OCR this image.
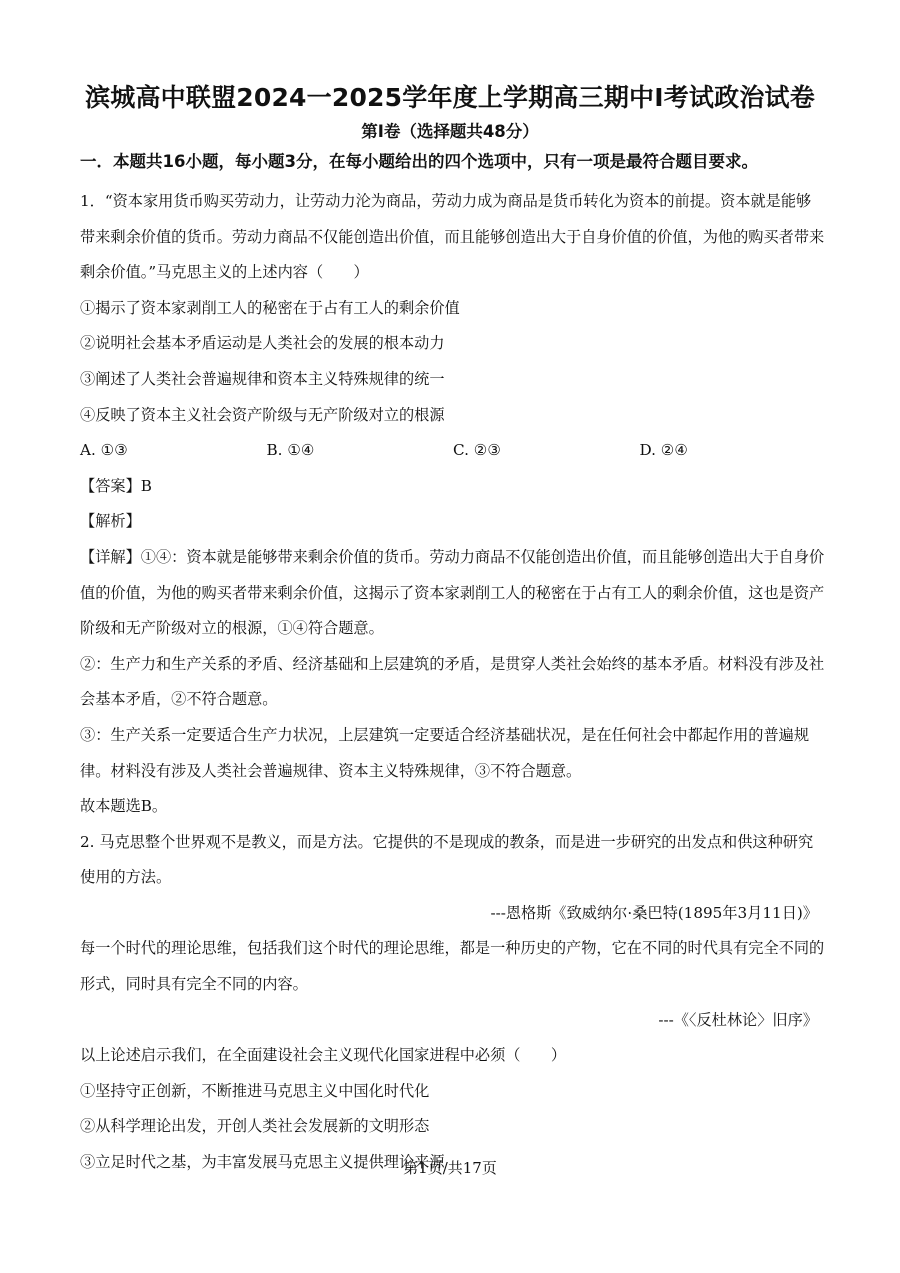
滨城高中联盟2024一2025学年度上学期高三期中Ⅰ考试政治试卷
第Ⅰ卷（选择题共48分）
一．本题共16小题，每小题3分，在每小题给出的四个选项中，只有一项是最符合题目要求。
1．“资本家用货币购买劳动力，让劳动力沦为商品，劳动力成为商品是货币转化为资本的前提。资本就是能够带来剩余价值的货币。劳动力商品不仅能创造出价值，而且能够创造出大于自身价值的价值，为他的购买者带来剩余价值。”马克思主义的上述内容（　　）
①揭示了资本家剥削工人的秘密在于占有工人的剩余价值
②说明社会基本矛盾运动是人类社会的发展的根本动力
③阐述了人类社会普遍规律和资本主义特殊规律的统一
④反映了资本主义社会资产阶级与无产阶级对立的根源
A. ①③	B. ①④	C. ②③	D. ②④
【答案】B
【解析】
【详解】①④：资本就是能够带来剩余价值的货币。劳动力商品不仅能创造出价值，而且能够创造出大于自身价值的价值，为他的购买者带来剩余价值，这揭示了资本家剥削工人的秘密在于占有工人的剩余价值，这也是资产阶级和无产阶级对立的根源，①④符合题意。
②：生产力和生产关系的矛盾、经济基础和上层建筑的矛盾，是贯穿人类社会始终的基本矛盾。材料没有涉及社会基本矛盾，②不符合题意。
③：生产关系一定要适合生产力状况，上层建筑一定要适合经济基础状况，是在任何社会中都起作用的普遍规律。材料没有涉及人类社会普遍规律、资本主义特殊规律，③不符合题意。
故本题选B。
2. 马克思整个世界观不是教义，而是方法。它提供的不是现成的教条，而是进一步研究的出发点和供这种研究使用的方法。
---恩格斯《致威纳尔·桑巴特(1895年3月11日)》
每一个时代的理论思维，包括我们这个时代的理论思维，都是一种历史的产物，它在不同的时代具有完全不同的形式，同时具有完全不同的内容。
---《〈反杜林论〉旧序》
以上论述启示我们，在全面建设社会主义现代化国家进程中必须（　　）
①坚持守正创新，不断推进马克思主义中国化时代化
②从科学理论出发，开创人类社会发展新的文明形态
③立足时代之基，为丰富发展马克思主义提供理论来源
第1页/共17页
